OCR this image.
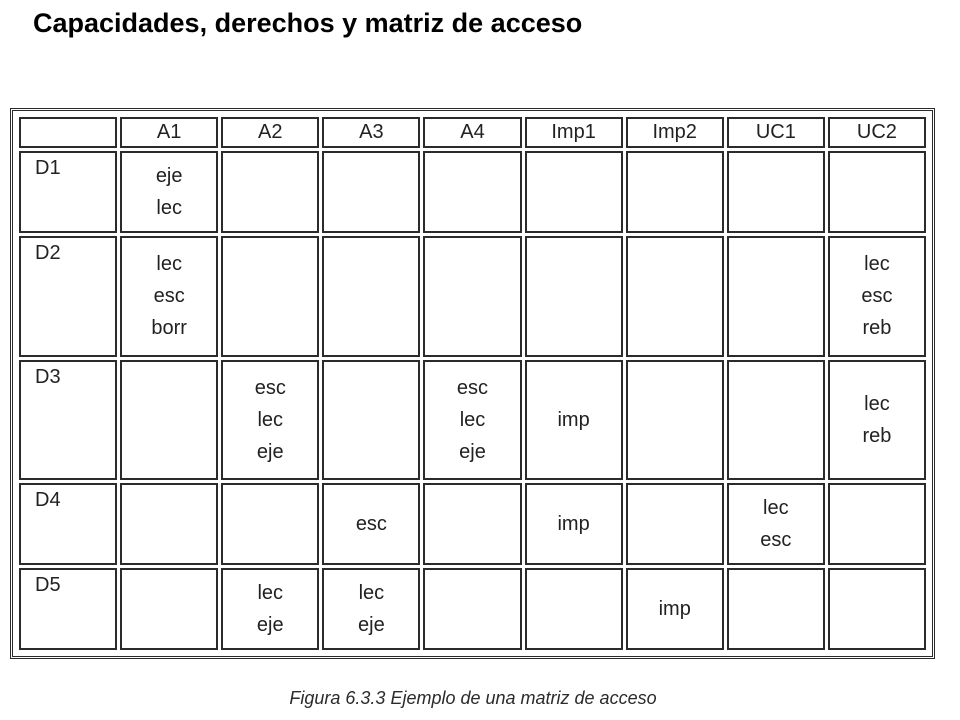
Capacidades, derechos y matriz de acceso
	A1	A2	A3	A4	Imp1	Imp2	UC1	UC2
D1	eje
lec							

D2	lec
esc
borr							lec
esc
reb

D3		esc
lec
eje		esc
lec
eje	imp			lec
reb

D4			esc		imp		lec
esc	

D5		lec
eje	lec
eje			imp		

Figura 6.3.3 Ejemplo de una matriz de acceso
